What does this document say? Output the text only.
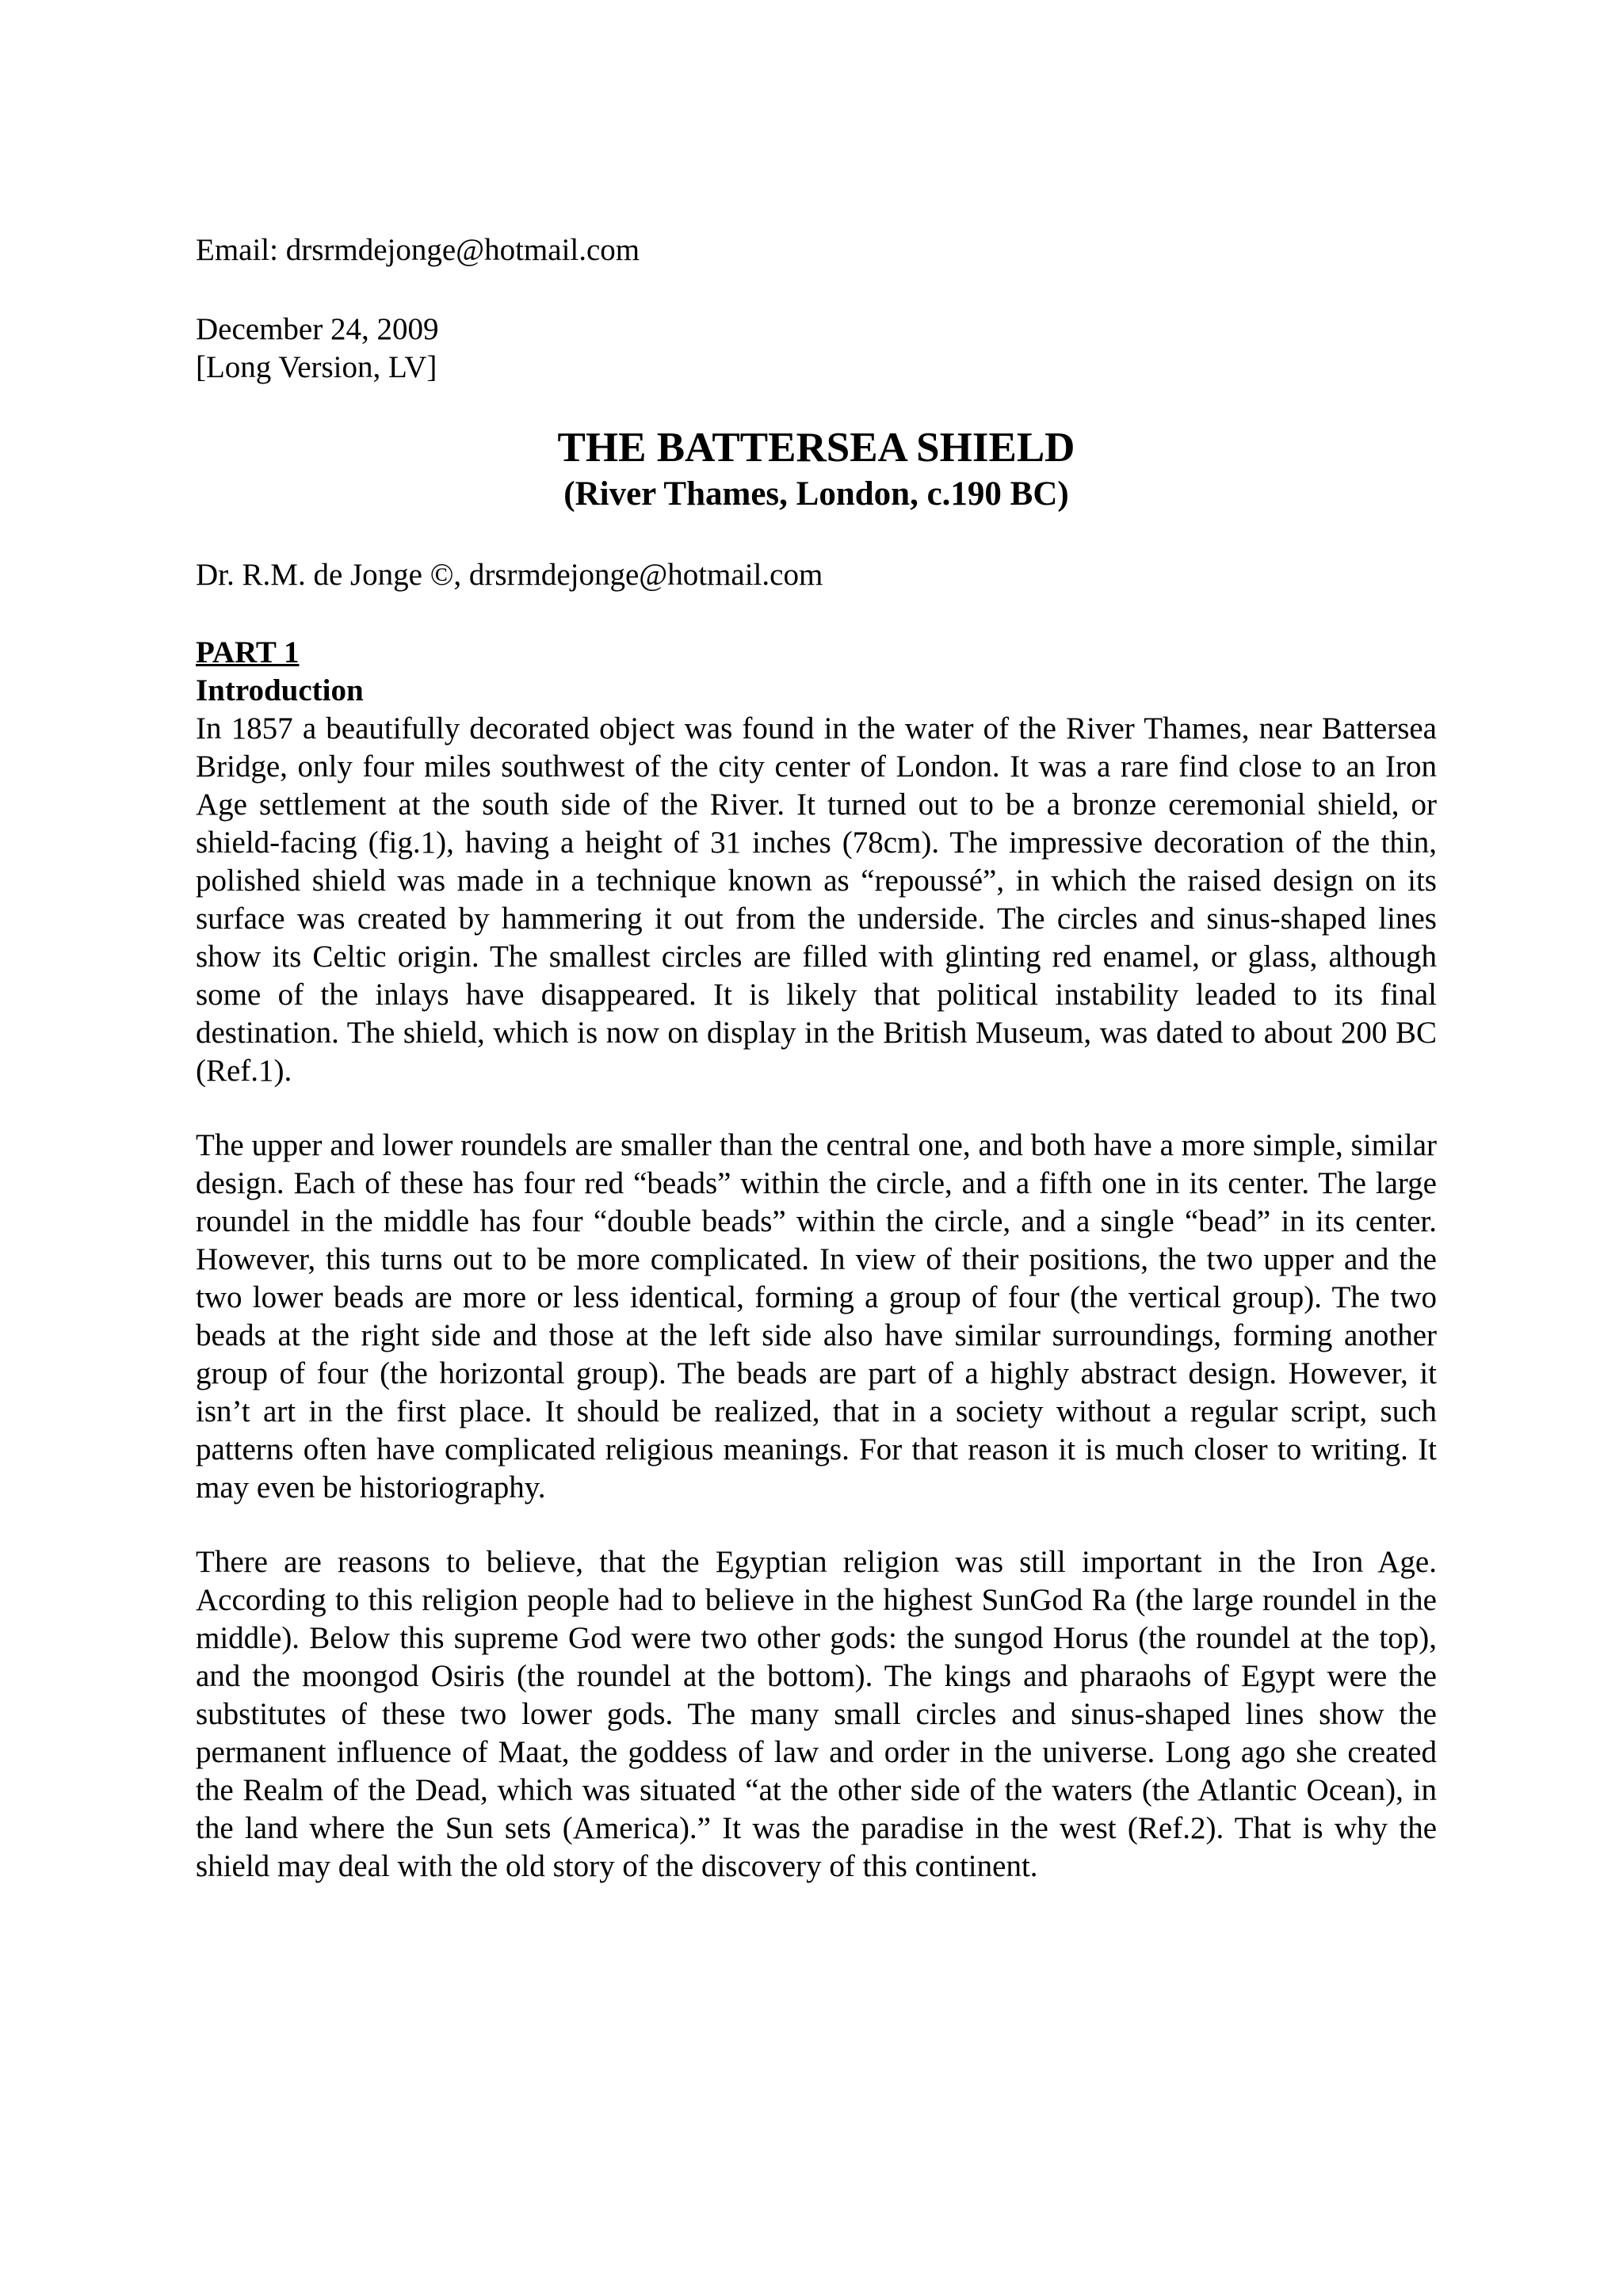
Email: drsrmdejonge@hotmail.com

December 24, 2009

[Long Version, LV]

THE BATTERSEA SHIELD
(River Thames, London, c.190 BC)

Dr. R.M. de Jonge ©, drsrmdejonge@hotmail.com

PART 1

Introduction

In 1857 a beautifully decorated object was found in the water of the River Thames, near Battersea Bridge, only four miles southwest of the city center of London. It was a rare find close to an Iron Age settlement at the south side of the River. It turned out to be a bronze ceremonial shield, or shield-facing (fig.1), having a height of 31 inches (78cm). The impressive decoration of the thin, polished shield was made in a technique known as “repoussé”, in which the raised design on its surface was created by hammering it out from the underside. The circles and sinus-shaped lines show its Celtic origin. The smallest circles are filled with glinting red enamel, or glass, although some of the inlays have disappeared. It is likely that political instability leaded to its final destination. The shield, which is now on display in the British Museum, was dated to about 200 BC (Ref.1).

The upper and lower roundels are smaller than the central one, and both have a more simple, similar design. Each of these has four red “beads” within the circle, and a fifth one in its center. The large roundel in the middle has four “double beads” within the circle, and a single “bead” in its center. However, this turns out to be more complicated. In view of their positions, the two upper and the two lower beads are more or less identical, forming a group of four (the vertical group). The two beads at the right side and those at the left side also have similar surroundings, forming another group of four (the horizontal group). The beads are part of a highly abstract design. However, it isn’t art in the first place. It should be realized, that in a society without a regular script, such patterns often have complicated religious meanings. For that reason it is much closer to writing. It may even be historiography.

There are reasons to believe, that the Egyptian religion was still important in the Iron Age. According to this religion people had to believe in the highest SunGod Ra (the large roundel in the middle). Below this supreme God were two other gods: the sungod Horus (the roundel at the top), and the moongod Osiris (the roundel at the bottom). The kings and pharaohs of Egypt were the substitutes of these two lower gods. The many small circles and sinus-shaped lines show the permanent influence of Maat, the goddess of law and order in the universe. Long ago she created the Realm of the Dead, which was situated “at the other side of the waters (the Atlantic Ocean), in the land where the Sun sets (America).” It was the paradise in the west (Ref.2). That is why the shield may deal with the old story of the discovery of this continent.
